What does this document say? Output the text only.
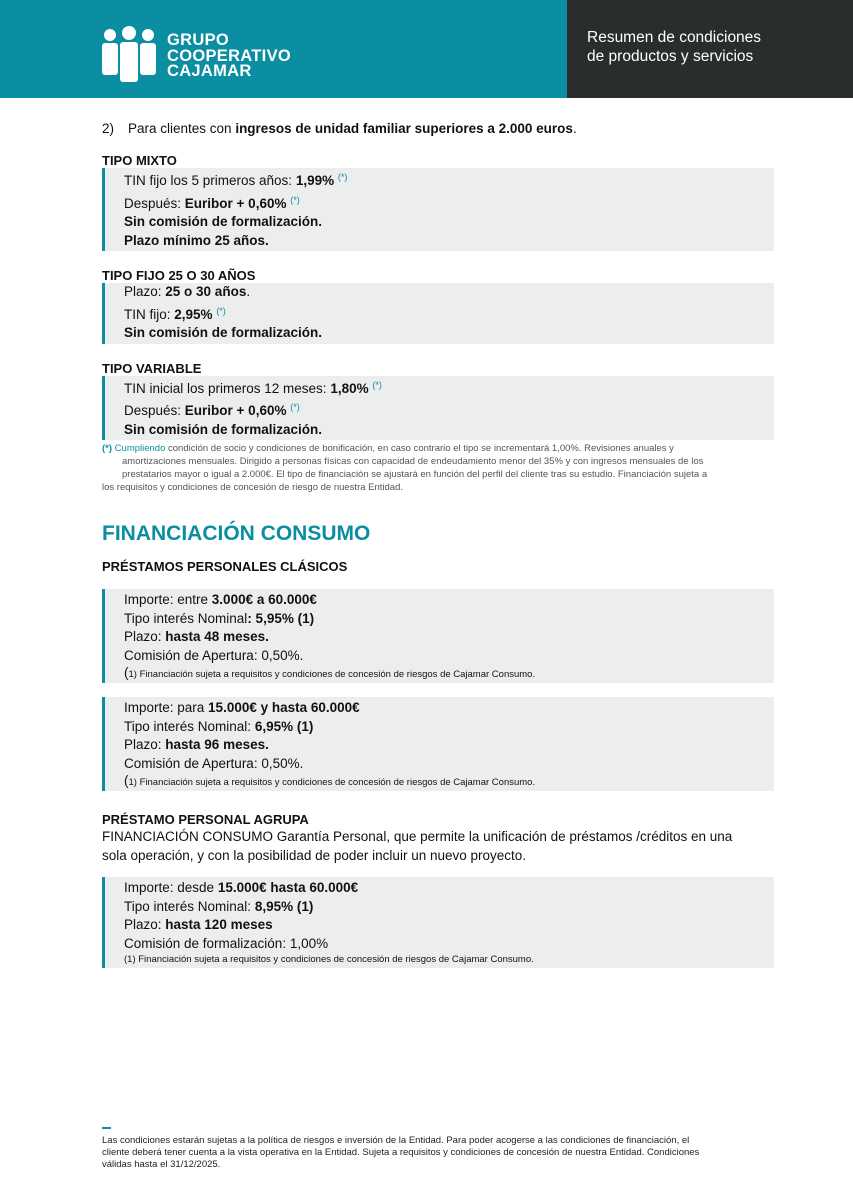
GRUPO
COOPERATIVO
CAJAMAR
Resumen de condiciones
de productos y servicios
2) Para clientes con ingresos de unidad familiar superiores a 2.000 euros.
TIPO MIXTO
TIN fijo los 5 primeros años: 1,99% (*)
Después: Euribor + 0,60% (*)
Sin comisión de formalización.
Plazo mínimo 25 años.
TIPO FIJO 25 O 30 AÑOS
Plazo: 25 o 30 años.
TIN fijo: 2,95% (*)
Sin comisión de formalización.
TIPO VARIABLE
TIN inicial los primeros 12 meses: 1,80% (*)
Después: Euribor + 0,60% (*)
Sin comisión de formalización.
(*) Cumpliendo condición de socio y condiciones de bonificación, en caso contrario el tipo se incrementará 1,00%. Revisiones anuales y
amortizaciones mensuales. Dirigido a personas físicas con capacidad de endeudamiento menor del 35% y con ingresos mensuales de los
prestatarios mayor o igual a 2.000€. El tipo de financiación se ajustará en función del perfil del cliente tras su estudio. Financiación sujeta a
los requisitos y condiciones de concesión de riesgo de nuestra Entidad.
FINANCIACIÓN CONSUMO
PRÉSTAMOS PERSONALES CLÁSICOS
Importe: entre 3.000€ a 60.000€
Tipo interés Nominal: 5,95% (1)
Plazo: hasta 48 meses.
Comisión de Apertura: 0,50%.
(1) Financiación sujeta a requisitos y condiciones de concesión de riesgos de Cajamar Consumo.
Importe: para 15.000€ y hasta 60.000€
Tipo interés Nominal: 6,95% (1)
Plazo: hasta 96 meses.
Comisión de Apertura: 0,50%.
(1) Financiación sujeta a requisitos y condiciones de concesión de riesgos de Cajamar Consumo.
PRÉSTAMO PERSONAL AGRUPA
FINANCIACIÓN CONSUMO Garantía Personal, que permite la unificación de préstamos /créditos en una
sola operación, y con la posibilidad de poder incluir un nuevo proyecto.
Importe: desde 15.000€ hasta 60.000€
Tipo interés Nominal: 8,95% (1)
Plazo: hasta 120 meses
Comisión de formalización: 1,00%
(1) Financiación sujeta a requisitos y condiciones de concesión de riesgos de Cajamar Consumo.

Las condiciones estarán sujetas a la política de riesgos e inversión de la Entidad. Para poder acogerse a las condiciones de financiación, el

cliente deberá tener cuenta a la vista operativa en la Entidad. Sujeta a requisitos y condiciones de concesión de nuestra Entidad. Condiciones

válidas hasta el 31/12/2025.
